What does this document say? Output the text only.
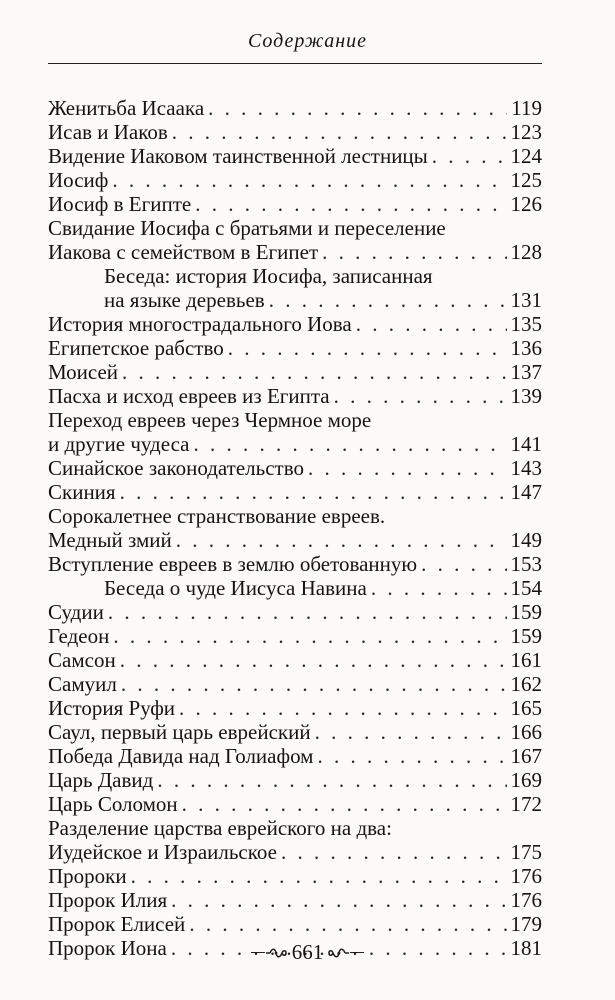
Содержание
Женитьба Исаака . . .	119
Исав и Иаков . . .	123
Видение Иаковом таинственной лестницы . . .	124
Иосиф . . .	125
Иосиф в Египте . . .	126
Свидание Иосифа с братьями и переселение
Иакова с семейством в Египет . . .	128
Беседа: история Иосифа, записанная
на языке деревьев . . .	131
История многострадального Иова . . .	135
Египетское рабство . . .	136
Моисей . . .	137
Пасха и исход евреев из Египта . . .	139
Переход евреев через Чермное море
и другие чудеса . . .	141
Синайское законодательство . . .	143
Скиния . . .	147
Сорокалетнее странствование евреев.
Медный змий . . .	149
Вступление евреев в землю обетованную . . .	153
Беседа о чуде Иисуса Навина . . .	154
Судии . . .	159
Гедеон . . .	159
Самсон . . .	161
Самуил . . .	162
История Руфи . . .	165
Саул, первый царь еврейский . . .	166
Победа Давида над Голиафом . . .	167
Царь Давид . . .	169
Царь Соломон . . .	172
Разделение царства еврейского на два:
Иудейское и Израильское . . .	175
Пророки . . .	176
Пророк Илия . . .	176
Пророк Елисей . . .	179
Пророк Иона . . .	181
661
